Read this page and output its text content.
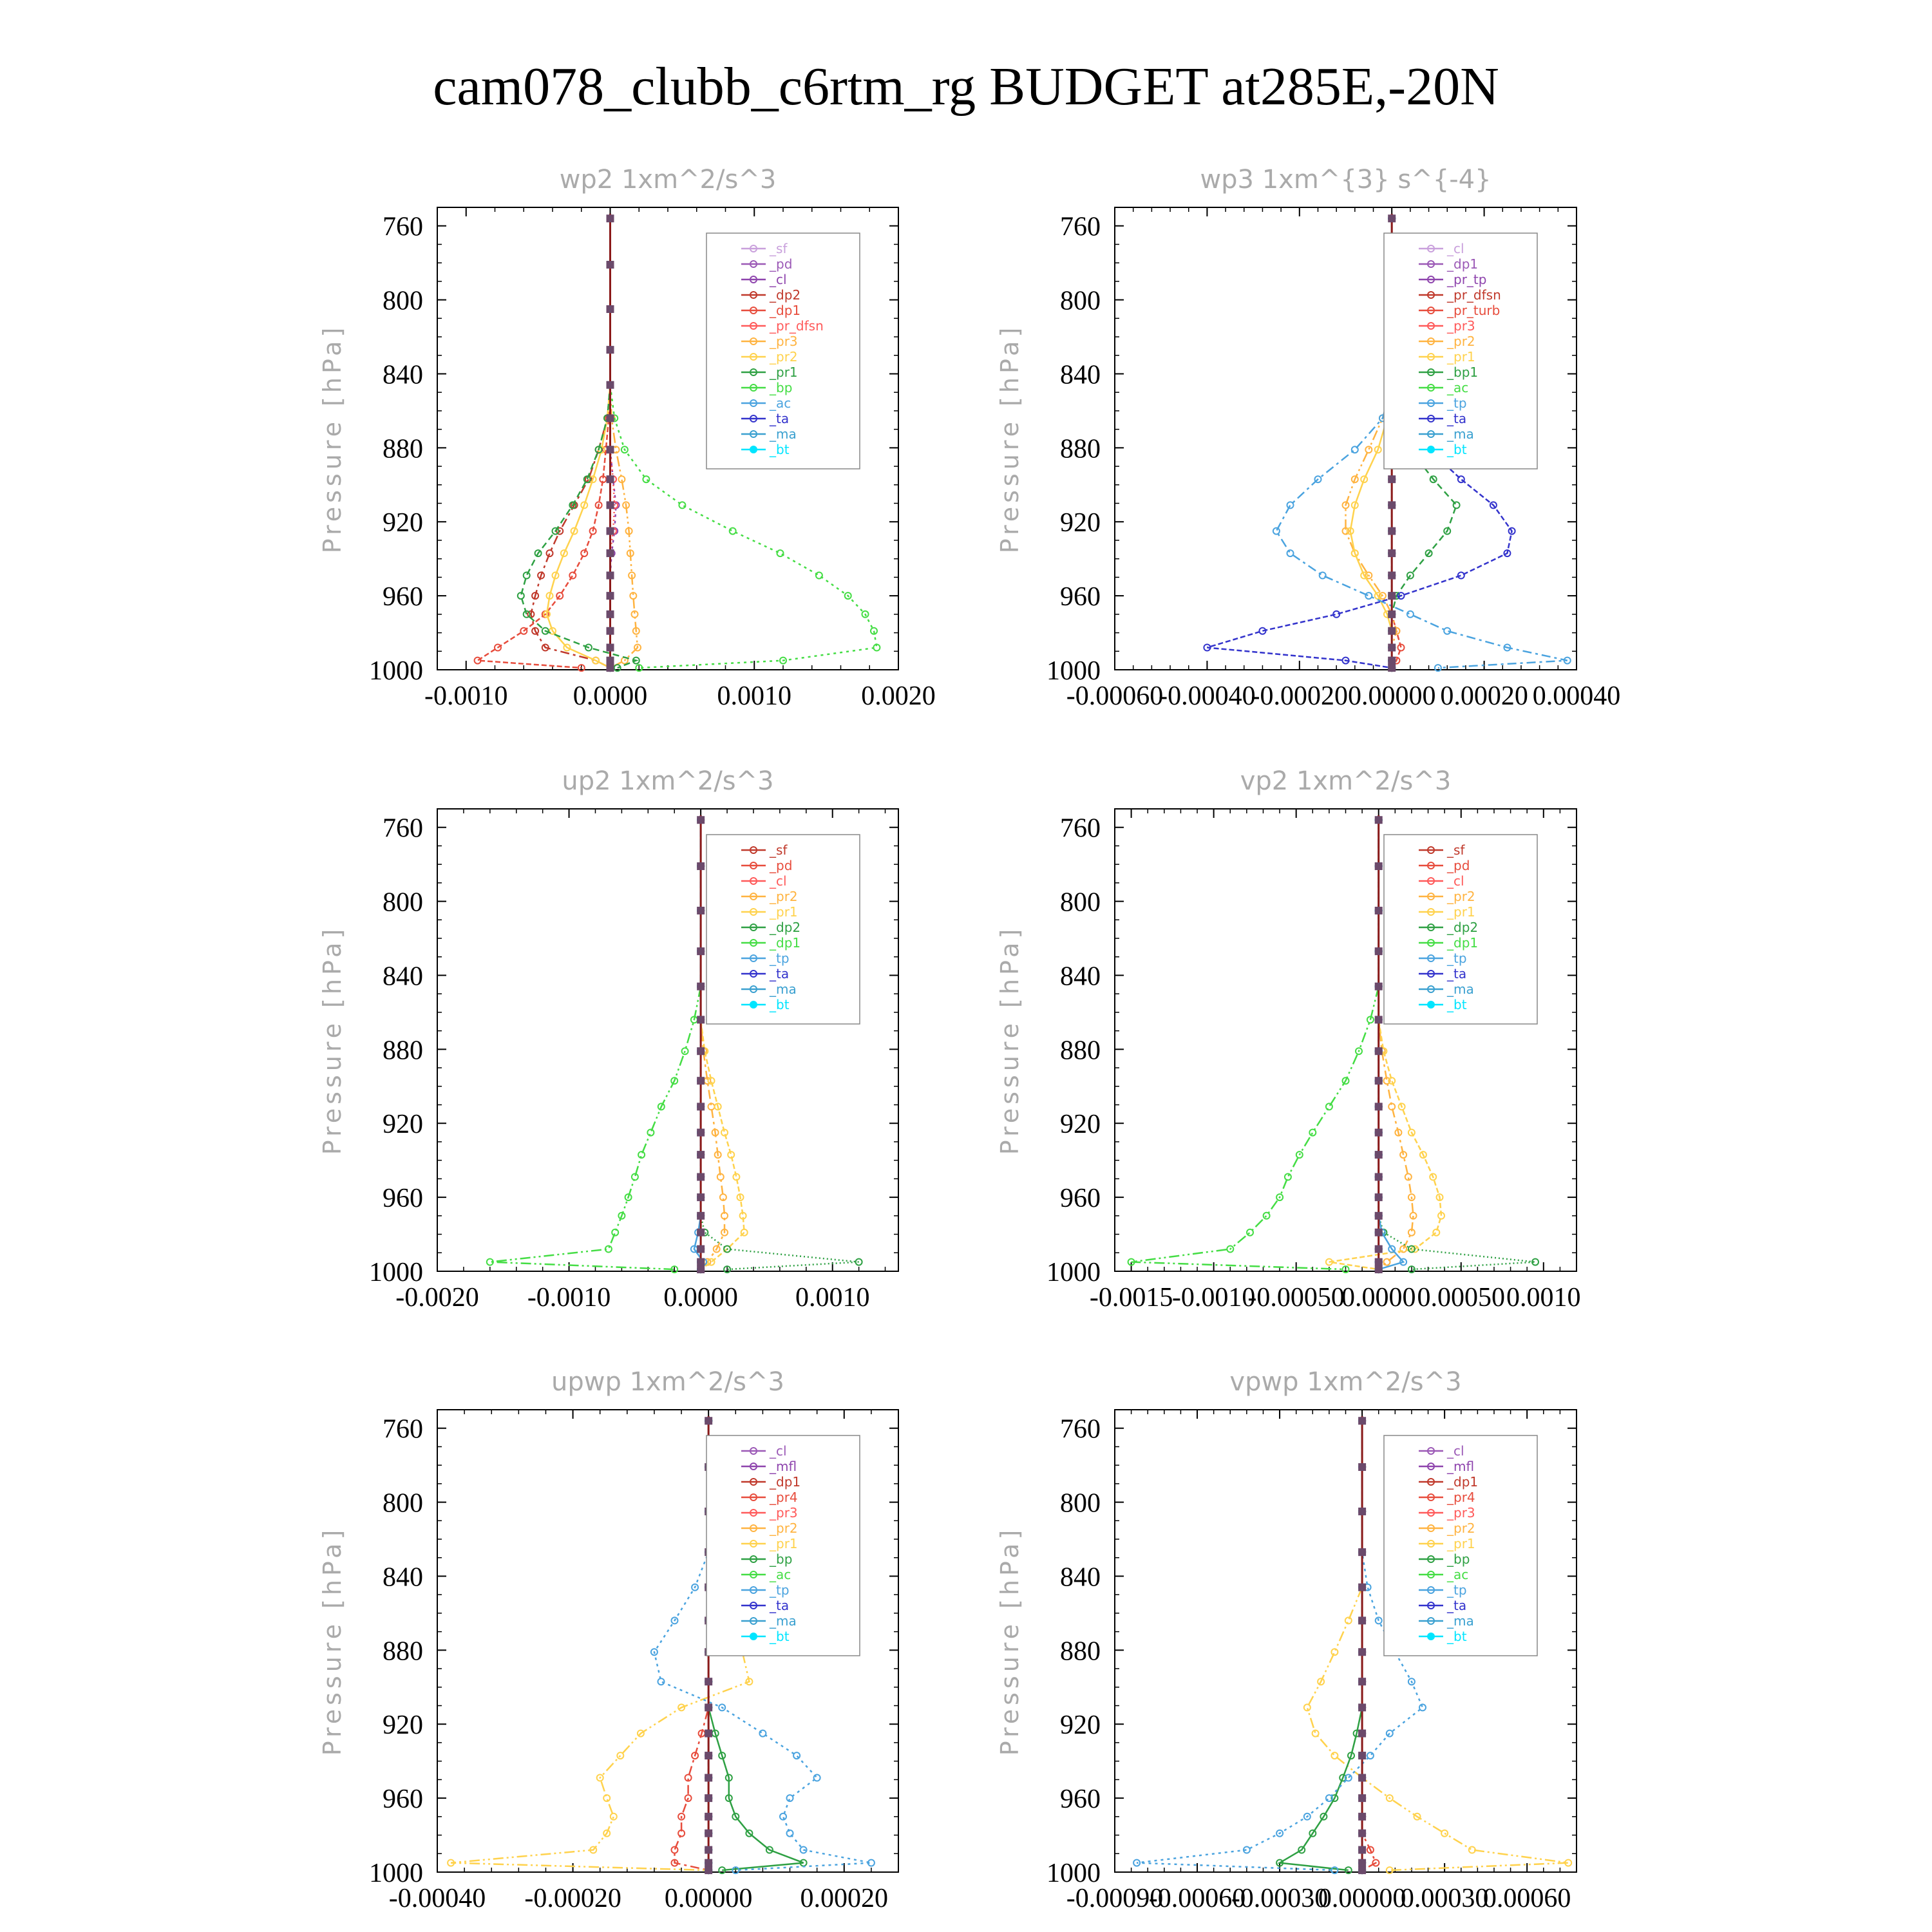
cam078_clubb_c6rtm_rg BUDGET at285E,-20N
wp2 1xm^2/s^3
Pressure [hPa]
760
800
840
880
920
960
1000
-0.0010 0.0000	0.0010	0.0020
_sf
_pd
_cl
_dp2
_dp1
_pr_dfsn
_pr3
_pr2
_pr1
_bp
_ac
_ta
_ma
_bt
wp3 1xm^{3} s^{-4}
Pressure [hPa]
760
800
840
880
920
960
1000
-0.00060
-0.00040
-0.00020 0.00000 0.00020 0.00040
_cl
_dp1
_pr_tp
_pr_dfsn
_pr_turb
_pr3
_pr2
_pr1
_bp1
_ac
_tp
_ta
_ma
_bt
up2 1xm^2/s^3
Pressure [hPa]
760
800
840
880
920
960
1000
-0.0020 -0.0010 0.0000 0.0010
_sf
_pd
_cl
_pr2
_pr1
_dp2
_dp1
_tp
_ta
_ma
_bt
vp2 1xm^2/s^3
Pressure [hPa]
760
800
840
880
920
960
1000
-0.0015
-0.0010
-0.00050
0.0000 0.00050 0.0010
_sf
_pd
_cl
_pr2
_pr1
_dp2
_dp1
_tp
_ta
_ma
_bt
upwp 1xm^2/s^3
Pressure [hPa]
760
800
840
880
920
960
1000
-0.00040 -0.00020 0.00000 0.00020
_cl
_mfl
_dp1
_pr4
_pr3
_pr2
_pr1
_bp
_ac
_tp
_ta
_ma
_bt
vpwp 1xm^2/s^3
Pressure [hPa]
760
800
840
880
920
960
1000
-0.00090
-0.00060
-0.00030
0.00000
0.00030
0.00060
_cl
_mfl
_dp1
_pr4
_pr3
_pr2
_pr1
_bp
_ac
_tp
_ta
_ma
_bt
